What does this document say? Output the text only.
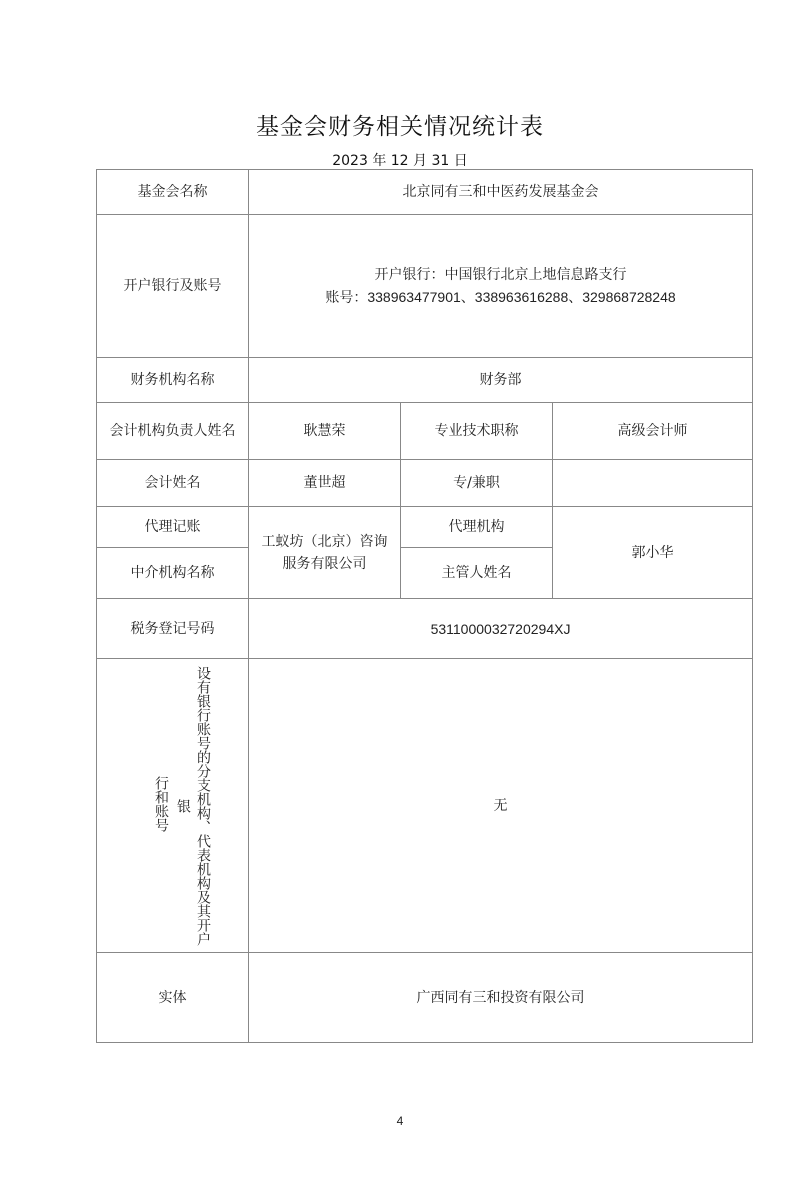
基金会财务相关情况统计表
2023 年 12 月 31 日
基金会名称	北京同有三和中医药发展基金会		
开户银行及账号	开户银行：中国银行北京上地信息路支行
账号：338963477901、338963616288、329868728248		

财务机构名称	财务部		
会计机构负责人姓名	耿慧荣	专业技术职称	高级会计师
会计姓名	董世超	专/兼职	
代理记账	工蚁坊（北京）咨询服务有限公司	代理机构	郭小华
中介机构名称		主管人姓名	
税务登记号码	5311000032720294XJ		

设有银行账号的分支机构、代表机构及其开户银
行和账号	无		
实体	广西同有三和投资有限公司		
4
